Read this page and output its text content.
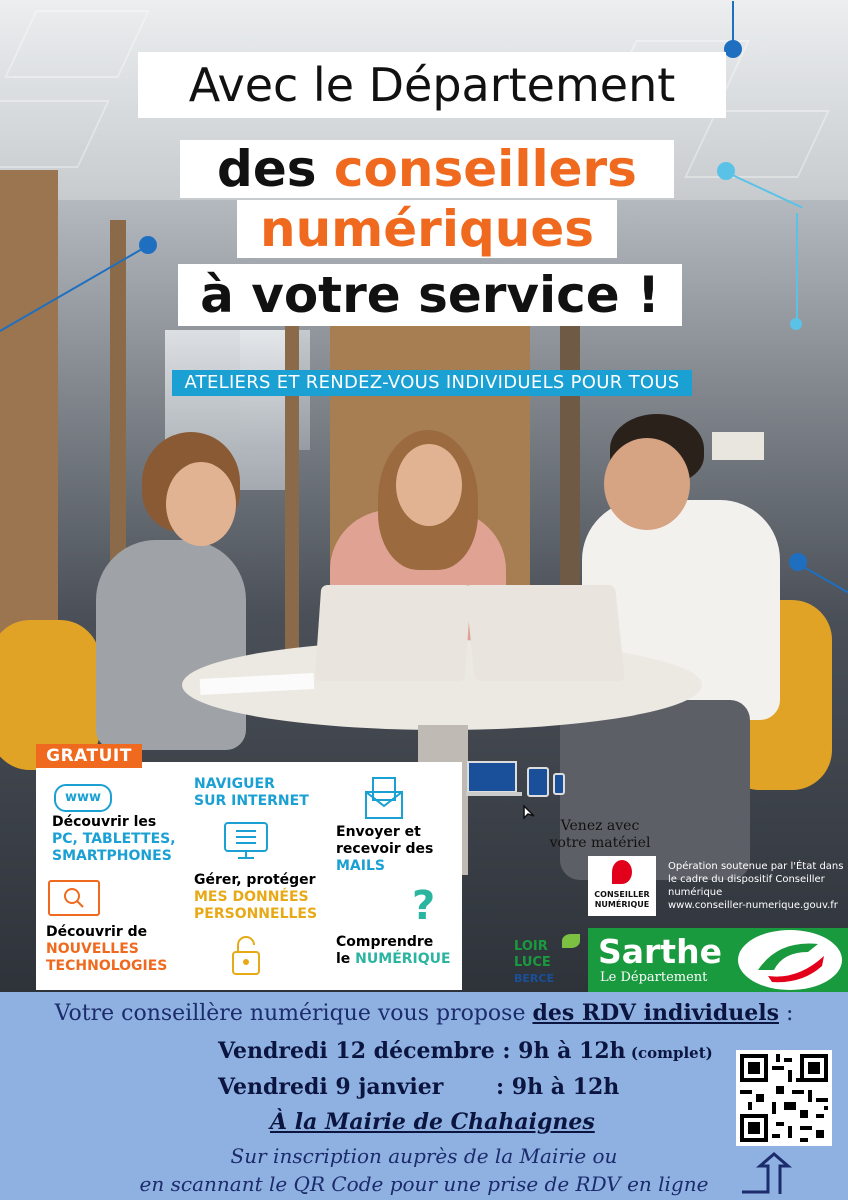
Avec le Département
des conseillers
numériques
à votre service !
ATELIERS ET RENDEZ-VOUS INDIVIDUELS POUR TOUS
www
Découvrir les
PC, TABLETTES,
SMARTPHONES
Découvrir de
NOUVELLES
TECHNOLOGIES
NAVIGUER
SUR INTERNET
Gérer, protéger
MES DONNÉES
PERSONNELLES
Envoyer et
recevoir des
MAILS
?
Comprendre
le NUMÉRIQUE
GRATUIT
Venez avec
votre matériel
CONSEILLER
NUMÉRIQUE
Opération soutenue par l'État dans
le cadre du dispositif Conseiller
numérique
www.conseiller-numerique.gouv.fr
LOIR
LUCE
BERCE
Sarthe
Le Département
Votre conseillère numérique vous propose des RDV individuels :
Vendredi 12 décembre : 9h à 12h (complet)
Vendredi 9 janvier : 9h à 12h
À la Mairie de Chahaignes
Sur inscription auprès de la Mairie ou
en scannant le QR Code pour une prise de RDV en ligne
